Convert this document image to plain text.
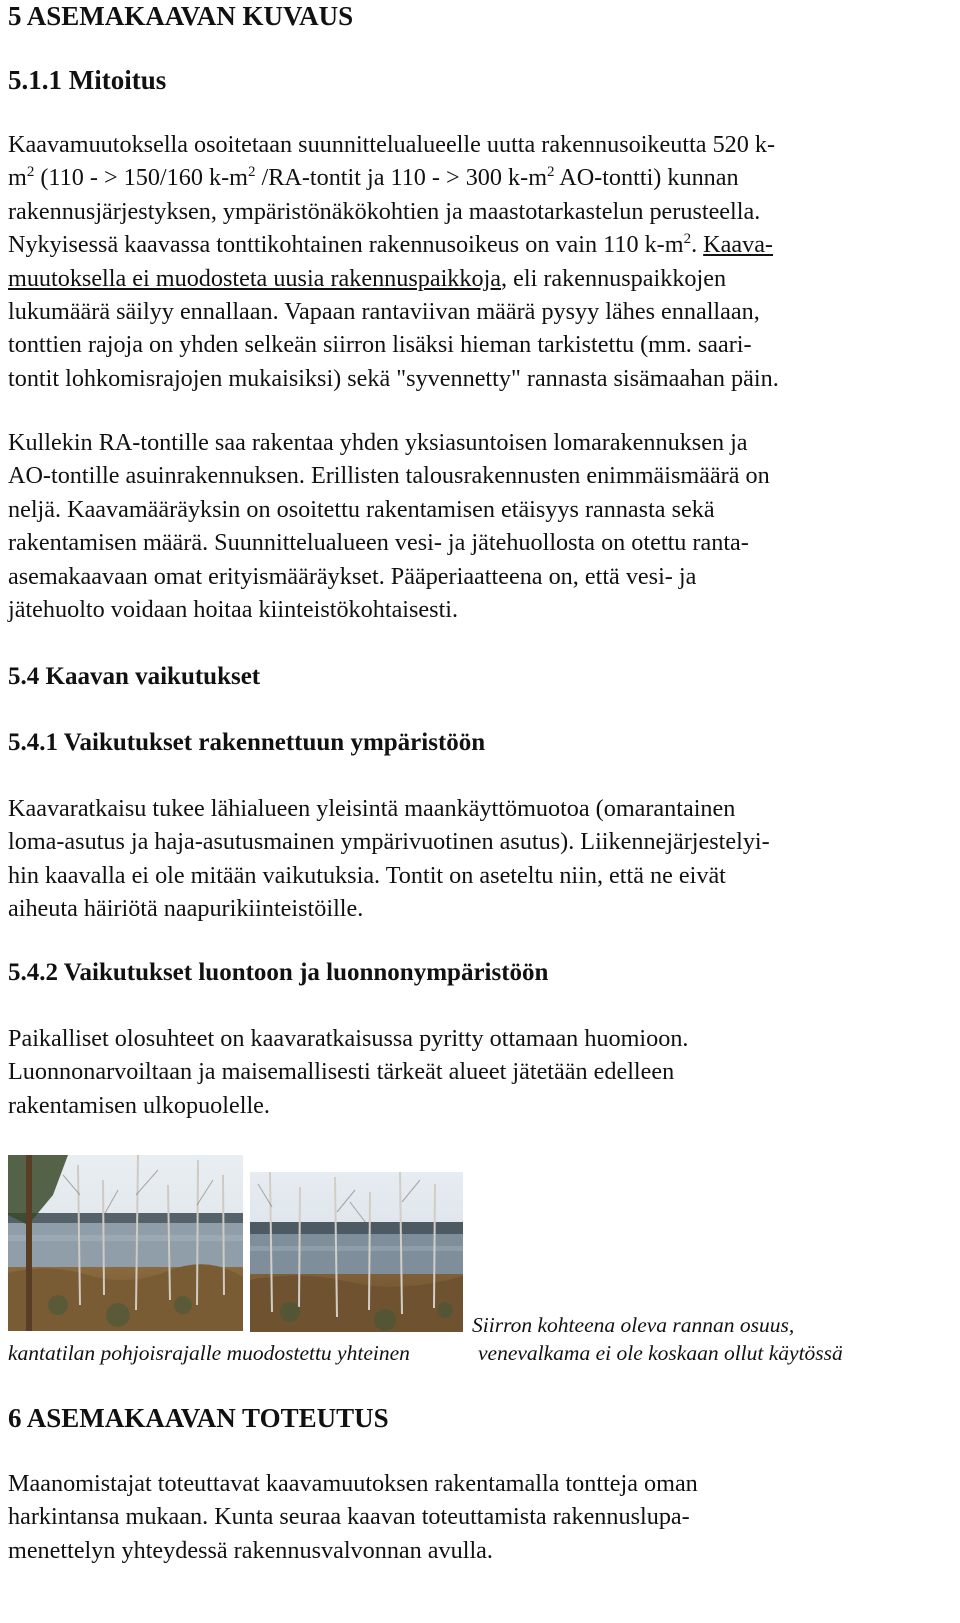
5 ASEMAKAAVAN KUVAUS
5.1.1 Mitoitus
Kaavamuutoksella osoitetaan suunnittelualueelle uutta rakennusoikeutta 520 k-
$m^2$ (110 - > 150/160 $k-m^2$ /RA-tontit ja 110 - > 300 $k-m^2$ AO-tontti) kunnan
rakennusjärjestyksen, ympäristönäkökohtien ja maastotarkastelun perusteella.
Nykyisessä kaavassa tonttikohtainen rakennusoikeus on vain 110 $k-m^2$. Kaava-
muutoksella ei muodosteta uusia rakennuspaikkoja, eli rakennuspaikkojen
lukumäärä säilyy ennallaan. Vapaan rantaviivan määrä pysyy lähes ennallaan,
tonttien rajoja on yhden selkeän siirron lisäksi hieman tarkistettu (mm. saari-
tontit lohkomisrajojen mukaisiksi) sekä "syvennetty" rannasta sisämaahan päin.
Kullekin RA-tontille saa rakentaa yhden yksiasuntoisen lomarakennuksen ja
AO-tontille asuinrakennuksen. Erillisten talousrakennusten enimmäismäärä on
neljä. Kaavamääräyksin on osoitettu rakentamisen etäisyys rannasta sekä
rakentamisen määrä. Suunnittelualueen vesi- ja jätehuollosta on otettu ranta-
asemakaavaan omat erityismääräykset. Pääperiaatteena on, että vesi- ja
jätehuolto voidaan hoitaa kiinteistökohtaisesti.
5.4 Kaavan vaikutukset
5.4.1 Vaikutukset rakennettuun ympäristöön
Kaavaratkaisu tukee lähialueen yleisintä maankäyttömuotoa (omarantainen
loma-asutus ja haja-asutusmainen ympärivuotinen asutus). Liikennejärjestelyi-
hin kaavalla ei ole mitään vaikutuksia. Tontit on aseteltu niin, että ne eivät
aiheuta häiriötä naapurikiinteistöille.
5.4.2 Vaikutukset luontoon ja luonnonympäristöön
Paikalliset olosuhteet on kaavaratkaisussa pyritty ottamaan huomioon.
Luonnonarvoiltaan ja maisemallisesti tärkeät alueet jätetään edelleen
rakentamisen ulkopuolelle.
Siirron kohteena oleva rannan osuus,
kantatilan pohjoisrajalle muodostettu yhteinen	venevalkama ei ole koskaan ollut käytössä
6 ASEMAKAAVAN TOTEUTUS
Maanomistajat toteuttavat kaavamuutoksen rakentamalla tontteja oman
harkintansa mukaan. Kunta seuraa kaavan toteuttamista rakennuslupa-
menettelyn yhteydessä rakennusvalvonnan avulla.
